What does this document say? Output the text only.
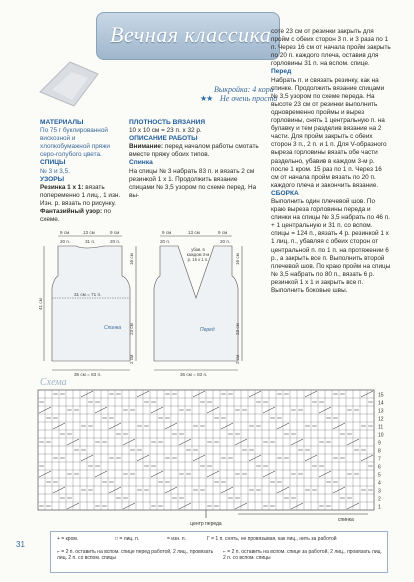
Вечная классика
Выкройка: 4 кора
★★ Не очень просто

МАТЕРИАЛЫ

По 75 г буклированной вискозной и хлопкобумажной пряжи серо-голубого цвета.

СПИЦЫ

№ 3 и 3,5.

УЗОРЫ

Резинка 1 х 1: вязать попеременно 1 лиц., 1 изн. Изн. р. вязать по рисунку.

Фантазийный узор: по схеме.

ПЛОТНОСТЬ ВЯЗАНИЯ

10 х 10 см = 23 п. х 32 р.

ОПИСАНИЕ РАБОТЫ

Внимание: перед началом работы смотать вместе пряжу обоих типов.

Спинка

На спицы № 3 набрать 83 п. и вязать 2 см резинкой 1 х 1. Продолжить вязание спицами № 3,5 узором по схеме перед. На вы-

соте 23 см от резинки закрыть для пройм с обеих сторон 3 п. и 3 раза по 1 п. Через 16 см от начала пройм закрыть по 20 п. каждого плеча, оставив для горловины 31 п. на вспом. спице.

Перед

Набрать п. и связать резинку, как на спинке. Продолжить вязание спицами № 3,5 узором по схеме переда. На высоте 23 см от резинки выполнить одновременно проймы и вырез горловины, снять 1 центральную п. на булавку и тем разделив вязание на 2 части. Для пройм закрыть с обеих сторон 3 п., 2 п. и 1 п. Для V-образного выреза горловины вязать обе части раздельно, убавив в каждом 3-м р. после 1 кром. 15 раз по 1 п. Через 16 см от начала пройм вязать по 20 п. каждого плеча и закончить вязание.

СБОРКА

Выполнить один плечевой шов. По краю выреза горловины переда и спинки на спицы № 3,5 набрать по 46 п. + 1 центральную и 31 п. со вспом. спицы = 124 п., вязать 4 р. резинкой 1 х 1 лиц. п., убавляя с обеих сторон от центральной п. по 1 п. на протяжении 6 р., а закрыть все п. Выполнить второй плечевой шов. По краю пройм на спицы № 3,5 набрать по 80 п., вязать 6 р. резинкой 1 х 1 и закрыть все п. Выполнить боковые швы.

Спинка
9 см	13 см	9 см
20 п.	31 п.	20 п.
31 см = 71 п.
36 см = 83 п.
41 см
16 см
23 см
2 см
Перед
9 см	13 см	9 см
20 п.	20 п.
убав. в каждом 3-м р. 15 х 1 п.
36 см = 83 п.
16 см
23 см
2 см
Схема
15
14
13
12
11
10
9
8
7
6
5
4
3
2
1
центр переда
спинка
+ = кром.	□ = лиц. п.	= изн. п.	Г = 1 п. снять, не провязывая, как лиц., нить за работой
⌐ = 2 п. оставить на вспом. спице перед работой, 2 лиц., провязать лиц. 2 п. со вспом. спицы
⌐ = 2 п. оставить на вспом. спице за работой, 2 лиц., провязать лиц. 2 п. со вспом. спицы
31
